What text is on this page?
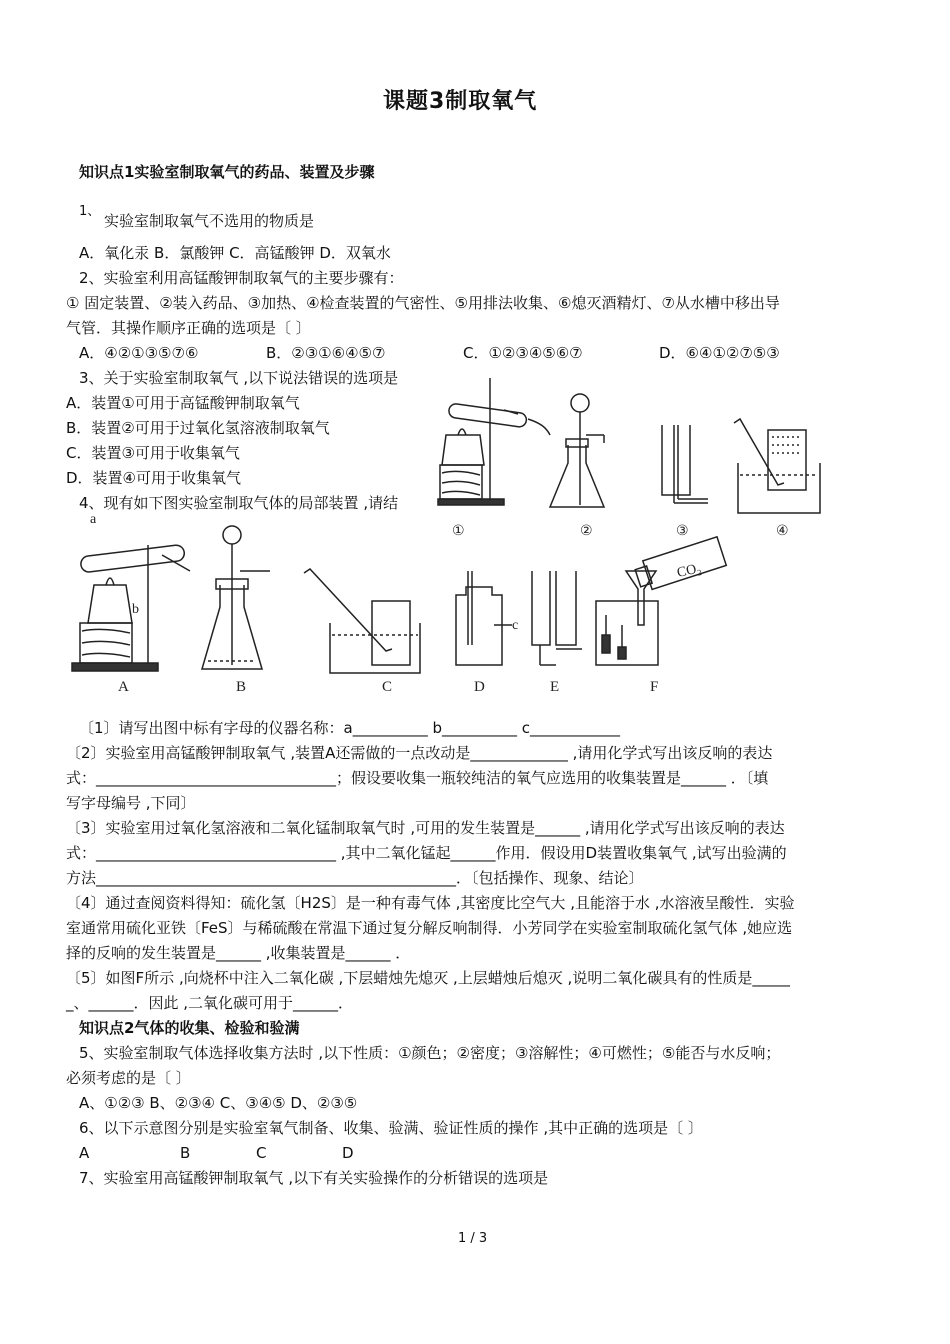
课题3制取氧气
知识点1实验室制取氧气的药品、装置及步骤
1、
实验室制取氧气不选用的物质是
A．氧化汞 B．氯酸钾 C．高锰酸钾 D．双氧水
2、实验室利用高锰酸钾制取氧气的主要步骤有：
① 固定装置、②装入药品、③加热、④检查装置的气密性、⑤用排法收集、⑥熄灭酒精灯、⑦从水槽中移出导
气管．其操作顺序正确的选项是〔 〕
A．④②①③⑤⑦⑥	B．②③①⑥④⑤⑦	C．①②③④⑤⑥⑦	D．⑥④①②⑦⑤③
3、关于实验室制取氧气 ,以下说法错误的选项是
A．装置①可用于高锰酸钾制取氧气
B．装置②可用于过氧化氢溶液制取氧气
C．装置③可用于收集氧气
D．装置④可用于收集氧气
①	②	③	④
4、现有如下图实验室制取气体的局部装置 ,请结
a
b
c
CO₂
A	B	C	D	E	F
〔1〕请写出图中标有字母的仪器名称：a__________ b__________ c____________
〔2〕实验室用高锰酸钾制取氧气 ,装置A还需做的一点改动是_____________ ,请用化学式写出该反响的表达
式：________________________________；假设要收集一瓶较纯洁的氧气应选用的收集装置是______ ．〔填
写字母编号 ,下同〕
〔3〕实验室用过氧化氢溶液和二氧化锰制取氧气时 ,可用的发生装置是______ ,请用化学式写出该反响的表达
式：________________________________ ,其中二氧化锰起______作用．假设用D装置收集氧气 ,试写出验满的
方法________________________________________________．〔包括操作、现象、结论〕
〔4〕通过查阅资料得知：硫化氢〔H2S〕是一种有毒气体 ,其密度比空气大 ,且能溶于水 ,水溶液呈酸性．实验
室通常用硫化亚铁〔FeS〕与稀硫酸在常温下通过复分解反响制得．小芳同学在实验室制取硫化氢气体 ,她应选
择的反响的发生装置是______ ,收集装置是______ ．
〔5〕如图F所示 ,向烧杯中注入二氧化碳 ,下层蜡烛先熄灭 ,上层蜡烛后熄灭 ,说明二氧化碳具有的性质是_____
_、______．因此 ,二氧化碳可用于______．
知识点2气体的收集、检验和验满
5、实验室制取气体选择收集方法时 ,以下性质：①颜色；②密度；③溶解性；④可燃性；⑤能否与水反响；
必须考虑的是〔 〕
A、①②③ B、②③④ C、③④⑤ D、②③⑤
6、以下示意图分别是实验室氧气制备、收集、验满、验证性质的操作 ,其中正确的选项是〔 〕
A	B	C	D
7、实验室用高锰酸钾制取氧气 ,以下有关实验操作的分析错误的选项是
1 / 3
